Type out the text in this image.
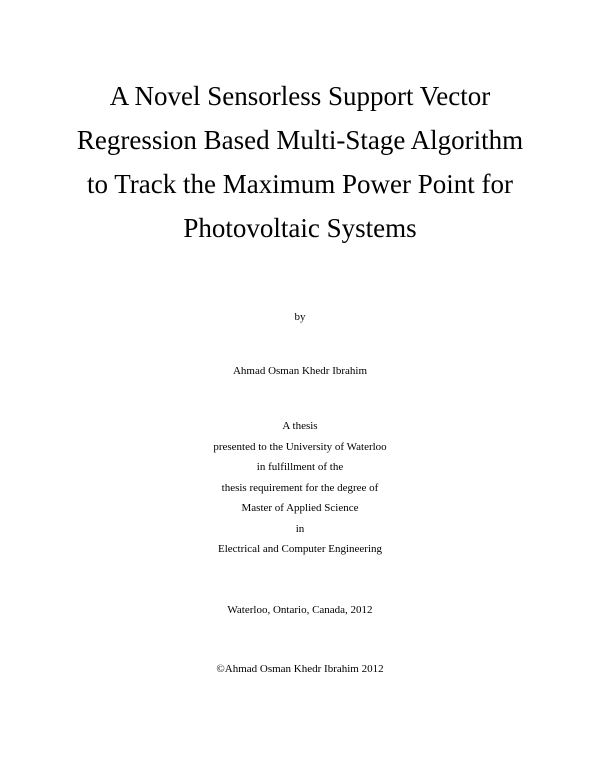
A Novel Sensorless Support Vector
Regression Based Multi-Stage Algorithm
to Track the Maximum Power Point for
Photovoltaic Systems
by
Ahmad Osman Khedr Ibrahim
A thesis
presented to the University of Waterloo
in fulfillment of the
thesis requirement for the degree of
Master of Applied Science
in
Electrical and Computer Engineering
Waterloo, Ontario, Canada, 2012
©Ahmad Osman Khedr Ibrahim 2012
